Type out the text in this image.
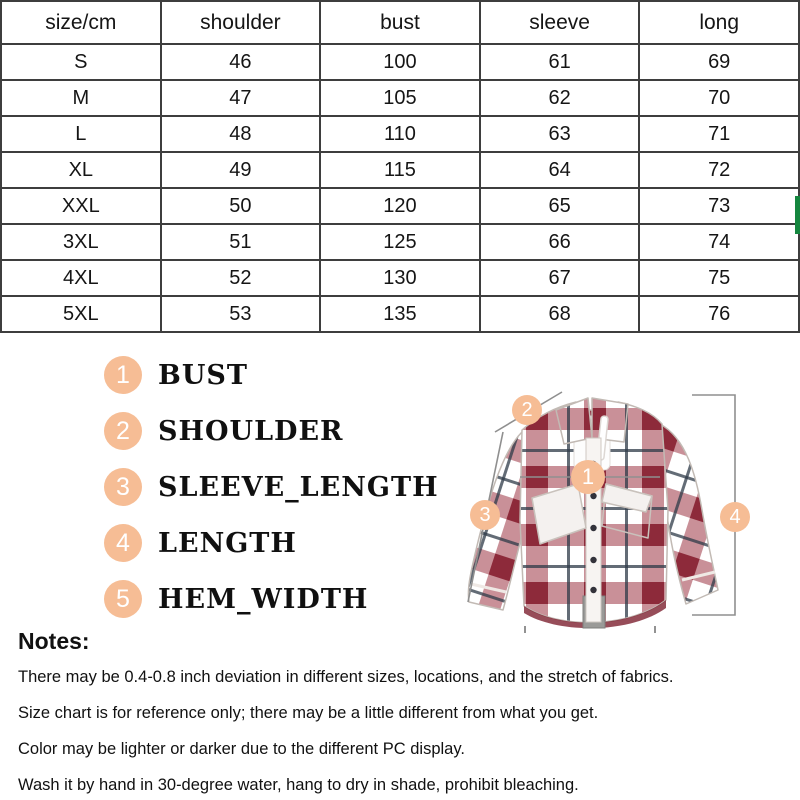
size/cm	shoulder	bust	sleeve	long
S	46	100	61	69
M	47	105	62	70
L	48	110	63	71
XL	49	115	64	72
XXL	50	120	65	73
3XL	51	125	66	74
4XL	52	130	67	75
5XL	53	135	68	76
1	BUST
2	SHOULDER
3	SLEEVE_LENGTH
4	LENGTH
5	HEM_WIDTH
1
2
3	4
Notes:
There may be 0.4-0.8 inch deviation in different sizes, locations, and the stretch of fabrics.
Size chart is for reference only; there may be a little different from what you get.
Color may be lighter or darker due to the different PC display.
Wash it by hand in 30-degree water, hang to dry in shade, prohibit bleaching.
